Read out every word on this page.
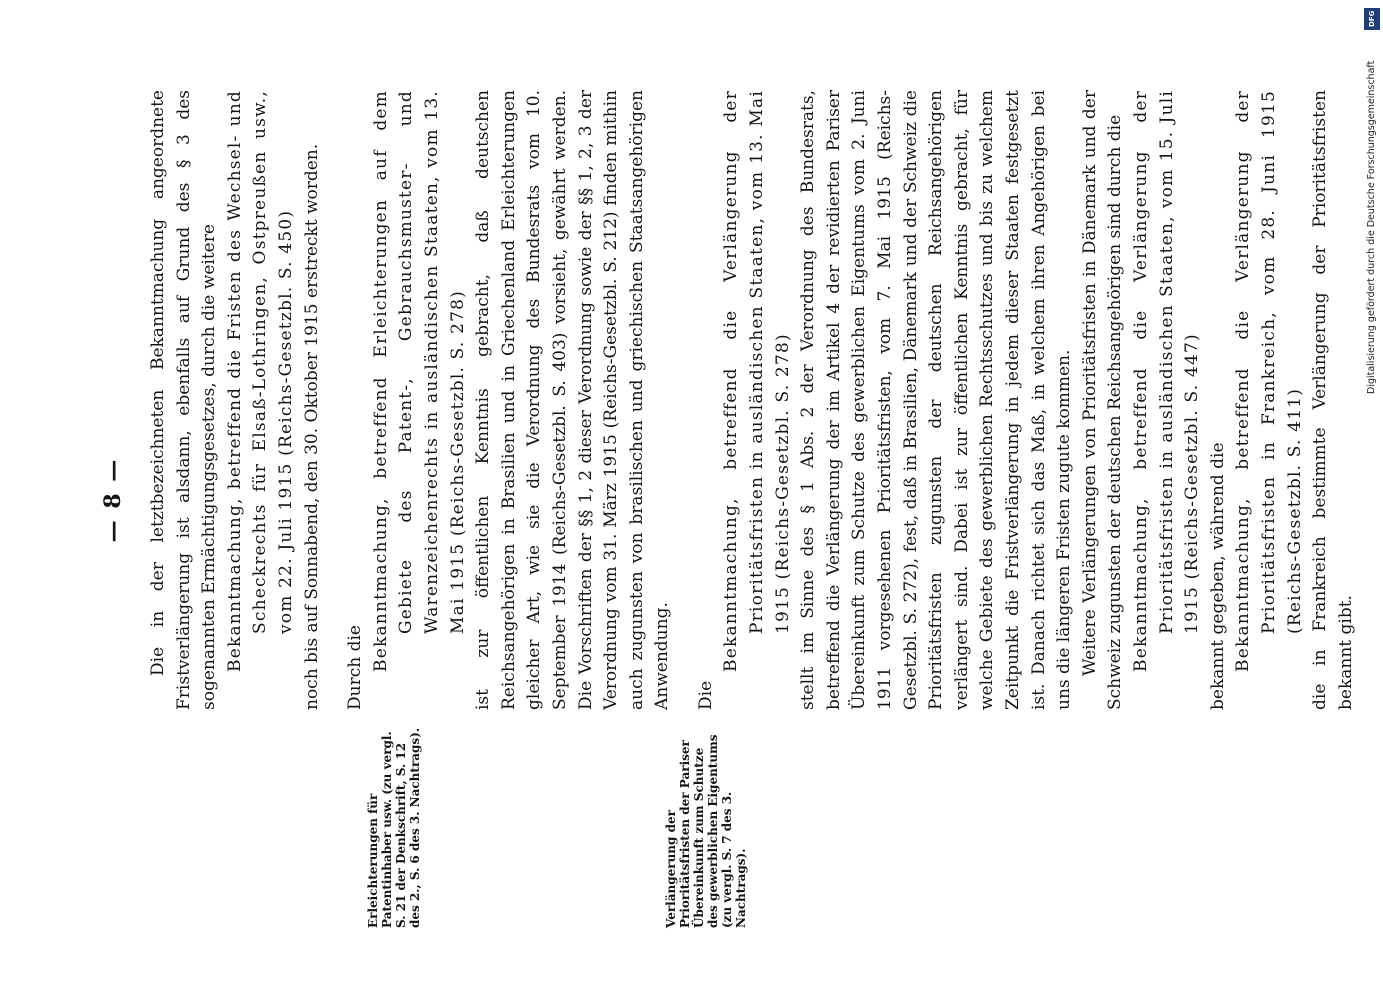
— 8 —
Erleichterungen für Patentinhaber usw. (zu vergl. S. 21 der Denkschrift, S. 12 des 2., S. 6 des 3. Nachtrags).	Verlängerung der Prioritätsfristen der Pariser Übereinkunft zum Schutze des gewerblichen Eigentums (zu vergl. S. 7 des 3. Nachtrags).

Die in der letztbezeichneten Bekanntmachung angeordnete Fristverlängerung ist alsdann, ebenfalls auf Grund des § 3 des sogenannten Ermächtigungsgesetzes, durch die weitere Bekanntmachung, betreffend die Fristen des Wechsel- und Scheckrechts für Elsaß-Lothringen, Ostpreußen usw., vom 22. Juli 1915 (Reichs-Gesetzbl. S. 450) noch bis auf Sonnabend, den 30. Oktober 1915 erstreckt worden. Durch die Bekanntmachung, betreffend Erleichterungen auf dem Gebiete des Patent-, Gebrauchsmuster- und Warenzeichenrechts in ausländischen Staaten, vom 13. Mai 1915 (Reichs-Gesetzbl. S. 278) ist zur öffentlichen Kenntnis gebracht, daß deutschen Reichsangehörigen in Brasilien und in Griechenland Erleichterungen gleicher Art, wie sie die Verordnung des Bundesrats vom 10. September 1914 (Reichs-Gesetzbl. S. 403) vorsieht, gewährt werden. Die Vorschriften der §§ 1, 2 dieser Verordnung sowie der §§ 1, 2, 3 der Verordnung vom 31. März 1915 (Reichs-Gesetzbl. S. 212) finden mithin auch zugunsten von brasilischen und griechischen Staatsangehörigen Anwendung. Die

Bekanntmachung, betreffend die Verlängerung der Prioritätsfristen in ausländischen Staaten, vom 13. Mai 1915 (Reichs-Gesetzbl. S. 278) stellt im Sinne des § 1 Abs. 2 der Verordnung des Bundesrats, betreffend die Verlängerung der im Artikel 4 der revidierten Pariser Übereinkunft zum Schutze des gewerblichen Eigentums vom 2. Juni 1911 vorgesehenen Prioritätsfristen, vom 7. Mai 1915 (Reichs-Gesetzbl. S. 272), fest, daß in Brasilien, Dänemark und der Schweiz die Prioritätsfristen zugunsten der deutschen Reichsangehörigen verlängert sind. Dabei ist zur öffentlichen Kenntnis gebracht, für welche Gebiete des gewerblichen Rechtsschutzes und bis zu welchem Zeitpunkt die Fristverlängerung in jedem dieser Staaten festgesetzt ist. Danach richtet sich das Maß, in welchem ihren Angehörigen bei uns die längeren Fristen zugute kommen. Weitere Verlängerungen von Prioritätsfristen in Dänemark und der Schweiz zugunsten der deutschen Reichsangehörigen sind durch die Bekanntmachung, betreffend die Verlängerung der Prioritätsfristen in ausländischen Staaten, vom 15. Juli 1915 (Reichs-Gesetzbl. S. 447) bekannt gegeben, während die Bekanntmachung, betreffend die Verlängerung der Prioritätsfristen in Frankreich, vom 28. Juni 1915 (Reichs-Gesetzbl. S. 411) die in Frankreich bestimmte Verlängerung der Prioritätsfristen bekannt gibt.

DFG
Digitalisierung gefördert durch die Deutsche Forschungsgemeinschaft
